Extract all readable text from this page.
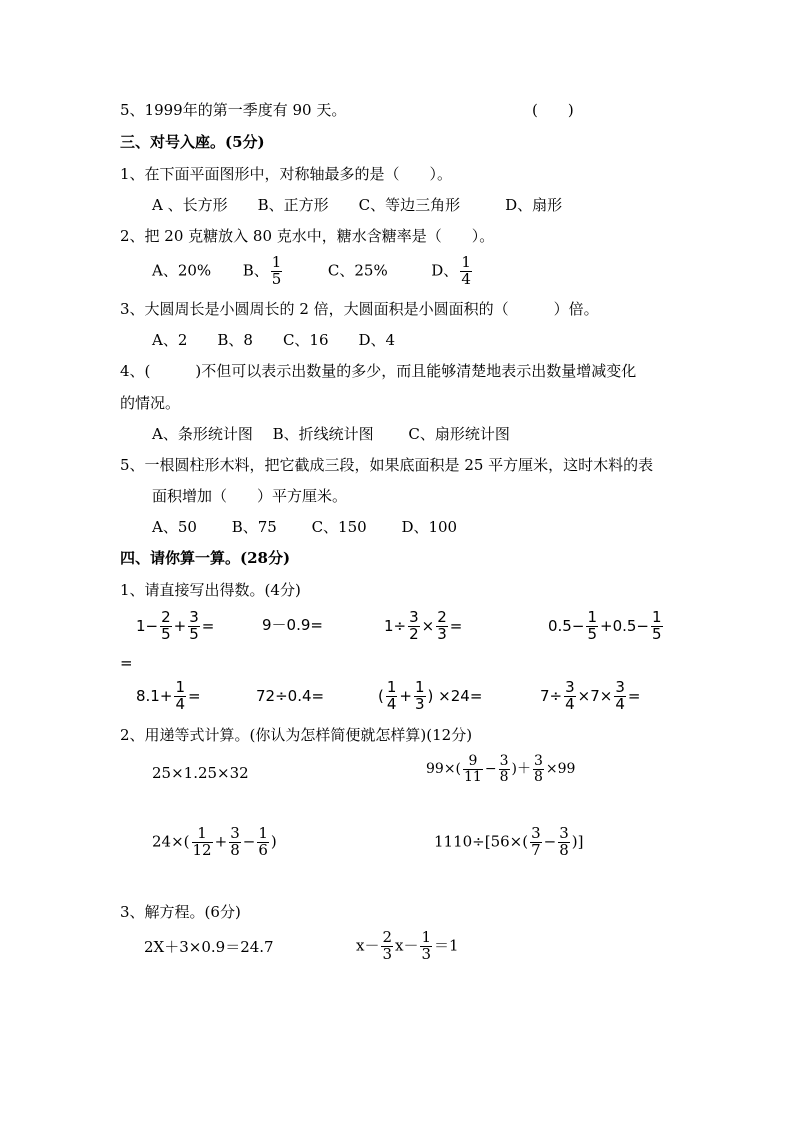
5、1999年的第一季度有 90 天。	(　　)
三、对号入座。(5分)
1、在下面平面图形中，对称轴最多的是（　　）。
A 、长方形　　B、正方形　　C、等边三角形　　　D、扇形
2、把 20 克糖放入 80 克水中，糖水含糖率是（　　）。
A、20% B、 $\frac{1}{5}$	C、25%	D、 $\frac{1}{4}$
3、大圆周长是小圆周长的 2 倍，大圆面积是小圆面积的（　　　）倍。
A、2　　B、8　　C、16　　D、4
4、(　　　)不但可以表示出数量的多少，而且能够清楚地表示出数量增减变化
的情况。
A、条形统计图　 B、折线统计图　　 C、扇形统计图
5、一根圆柱形木料，把它截成三段，如果底面积是 25 平方厘米，这时木料的表
面积增加（　　）平方厘米。
A、50　　 B、75　　 C、150　　 D、100
四、请你算一算。(28分)
1、请直接写出得数。(4分)
$1- \frac{2}{5} + \frac{3}{5}$ =	9－0.9=	$1\div \frac{3}{2} \times \frac{2}{3}$ =	$0.5- \frac{1}{5} +0.5- \frac{1}{5}$
=
$8.1+ \frac{1}{4}$ =	72÷0.4=	( $\frac{1}{4} + \frac{1}{3}$ ) ×24=	$7\div \frac{3}{4} \times 7\times \frac{3}{4}$ =
2、用递等式计算。(你认为怎样简便就怎样算)(12分)
25×1.25×32	$99\times( \frac{9}{11} - \frac{3}{8}$ )＋ $\frac{3}{8} \times 99$
$24\times( \frac{1}{12} + \frac{3}{8} - \frac{1}{6}$ )	$1110\div[56\times( \frac{3}{7} - \frac{3}{8}$ )]
3、解方程。(6分)
2X＋3×0.9＝24.7	$x- \frac{2}{3} x- \frac{1}{3} =1$
